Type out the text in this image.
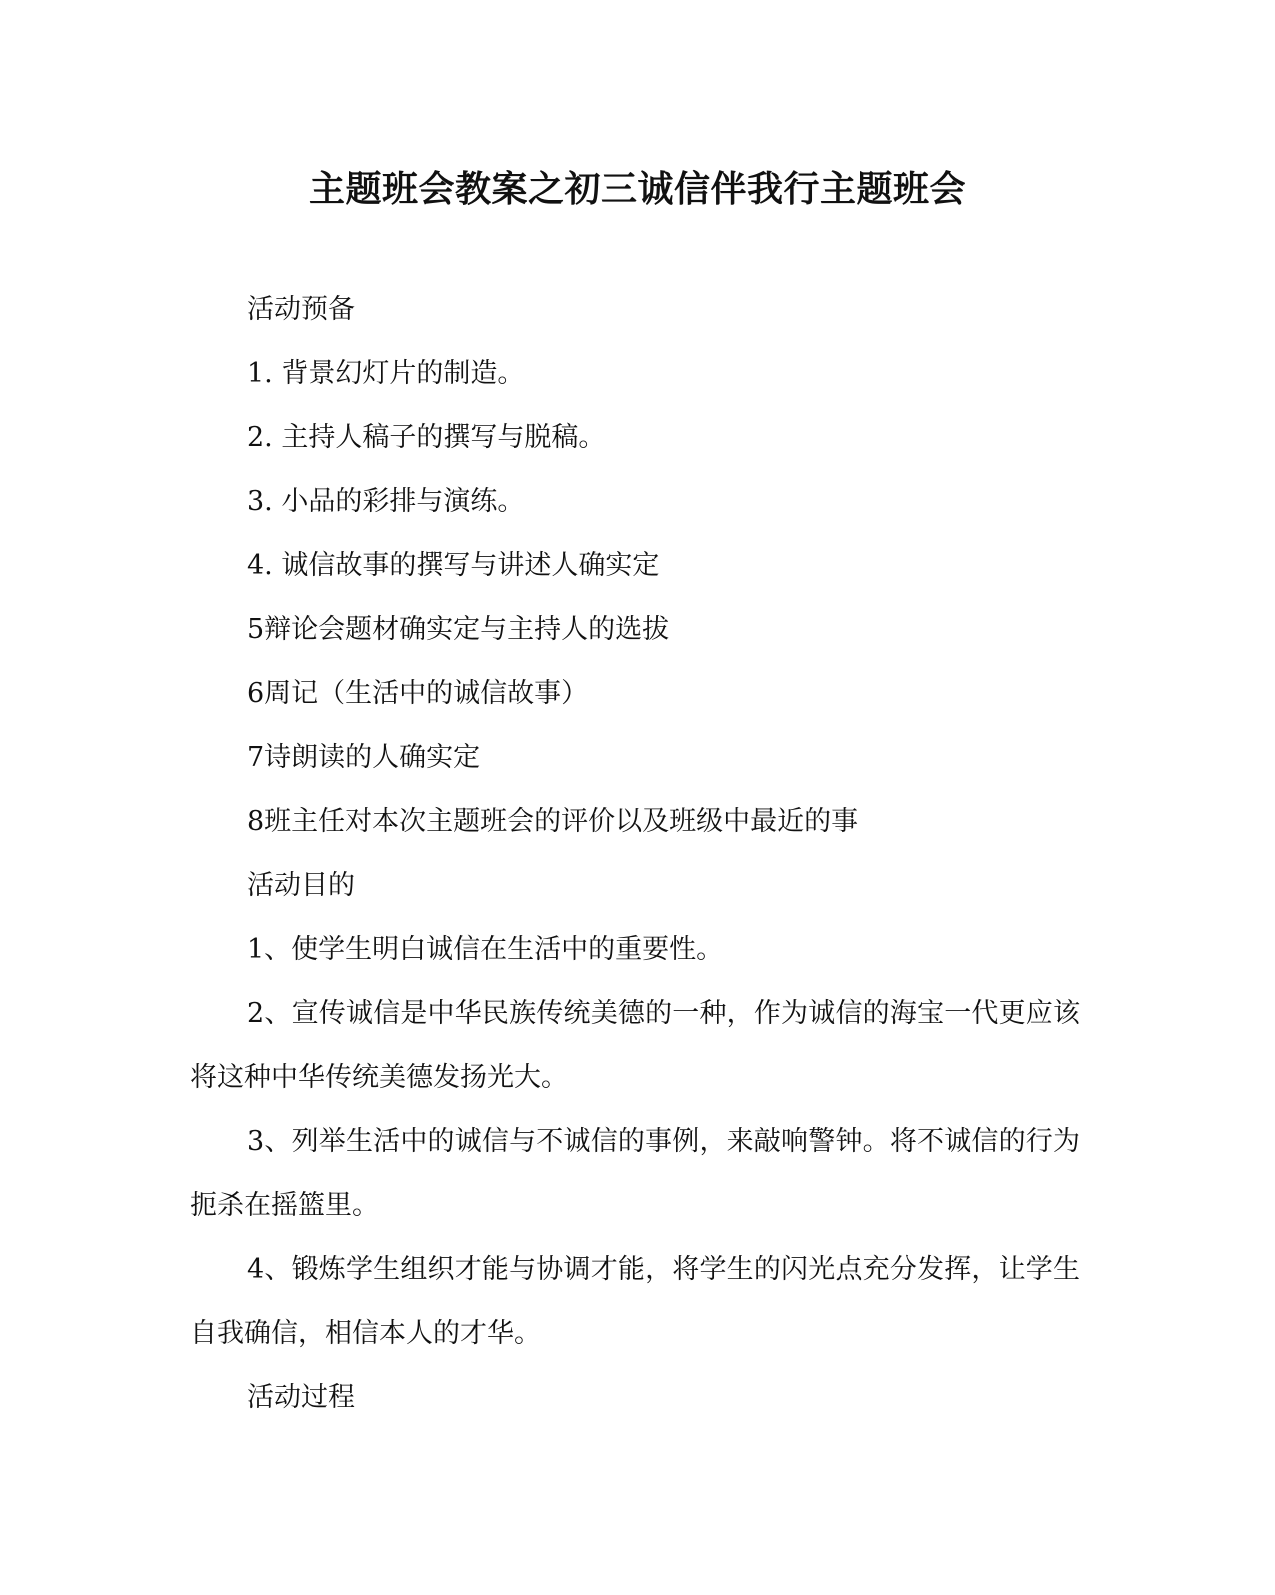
主题班会教案之初三诚信伴我行主题班会

活动预备

1. 背景幻灯片的制造。

2. 主持人稿子的撰写与脱稿。

3. 小品的彩排与演练。

4. 诚信故事的撰写与讲述人确实定

5辩论会题材确实定与主持人的选拔

6周记（生活中的诚信故事）

7诗朗读的人确实定

8班主任对本次主题班会的评价以及班级中最近的事

活动目的

1、使学生明白诚信在生活中的重要性。

2、宣传诚信是中华民族传统美德的一种，作为诚信的海宝一代更应该将这种中华传统美德发扬光大。

3、列举生活中的诚信与不诚信的事例，来敲响警钟。将不诚信的行为扼杀在摇篮里。

4、锻炼学生组织才能与协调才能，将学生的闪光点充分发挥，让学生自我确信，相信本人的才华。

活动过程
